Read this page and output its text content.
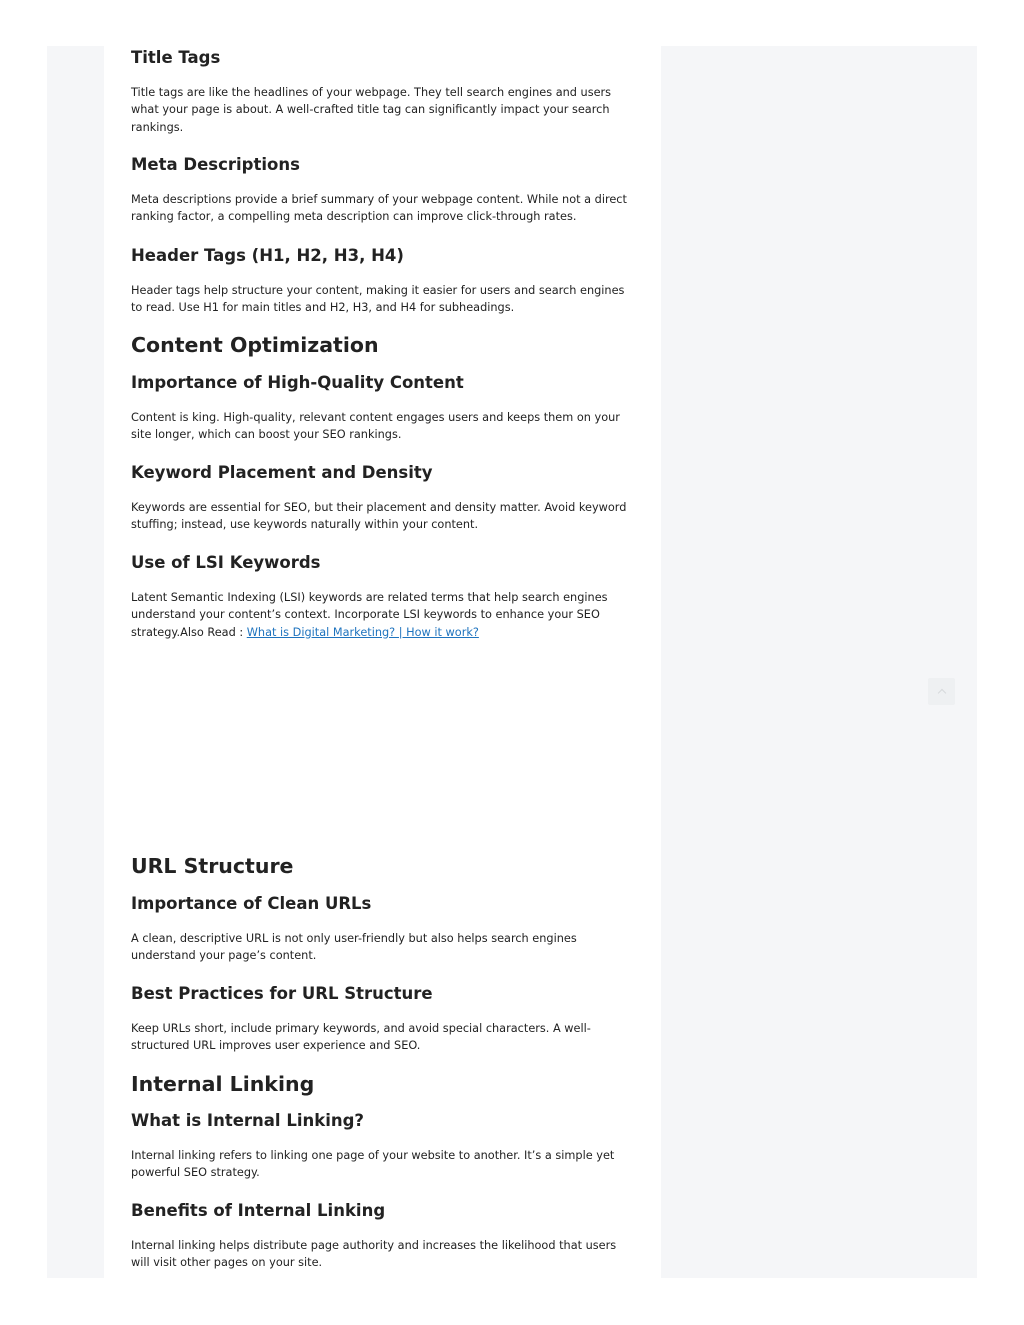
Title Tags

Title tags are like the headlines of your webpage. They tell search engines and users what your page is about. A well-crafted title tag can significantly impact your search rankings.

Meta Descriptions

Meta descriptions provide a brief summary of your webpage content. While not a direct ranking factor, a compelling meta description can improve click-through rates.

Header Tags (H1, H2, H3, H4)

Header tags help structure your content, making it easier for users and search engines to read. Use H1 for main titles and H2, H3, and H4 for subheadings.

Content Optimization
Importance of High-Quality Content

Content is king. High-quality, relevant content engages users and keeps them on your site longer, which can boost your SEO rankings.

Keyword Placement and Density

Keywords are essential for SEO, but their placement and density matter. Avoid keyword stuffing; instead, use keywords naturally within your content.

Use of LSI Keywords

Latent Semantic Indexing (LSI) keywords are related terms that help search engines understand your content’s context. Incorporate LSI keywords to enhance your SEO strategy.Also Read : What is Digital Marketing? | How it work?

URL Structure
Importance of Clean URLs

A clean, descriptive URL is not only user-friendly but also helps search engines understand your page’s content.

Best Practices for URL Structure

Keep URLs short, include primary keywords, and avoid special characters. A well-structured URL improves user experience and SEO.

Internal Linking
What is Internal Linking?

Internal linking refers to linking one page of your website to another. It’s a simple yet powerful SEO strategy.

Benefits of Internal Linking

Internal linking helps distribute page authority and increases the likelihood that users will visit other pages on your site.
